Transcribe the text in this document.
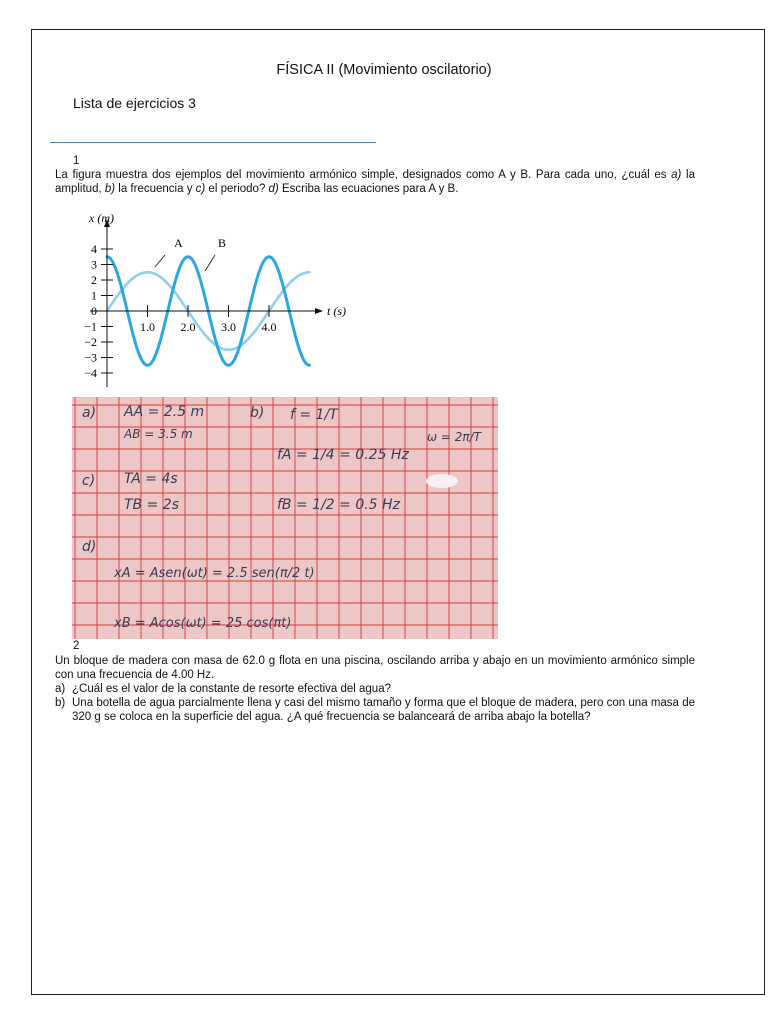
FÍSICA II (Movimiento oscilatorio)
Lista de ejercicios 3
1

La figura muestra dos ejemplos del movimiento armónico simple, designados como A y B. Para cada uno, ¿cuál es a) la amplitud, b) la frecuencia y c) el periodo? d) Escriba las ecuaciones para A y B.

4
3
2
1
0
−1
−2
−3
−4
1.0 2.0 3.0 4.0
x (m)
t (s)
A	B
a) AA = 2.5 m
AB = 3.5 m
b) f = 1/T
fA = 1/4 = 0.25 Hz
fB = 1/2 = 0.5 Hz
ω = 2π/T
c) TA = 4s
TB = 2s
d)
xA = Asen(ωt) = 2.5 sen(π/2 t)
xB = Acos(ωt) = 25 cos(πt)
2
Un bloque de madera con masa de 62.0 g flota en una piscina, oscilando arriba y abajo en un movimiento armónico simple con una frecuencia de 4.00 Hz.
a) ¿Cuál es el valor de la constante de resorte efectiva del agua?
b) Una botella de agua parcialmente llena y casi del mismo tamaño y forma que el bloque de madera, pero con una masa de 320 g se coloca en la superficie del agua. ¿A qué frecuencia se balanceará de arriba abajo la botella?
